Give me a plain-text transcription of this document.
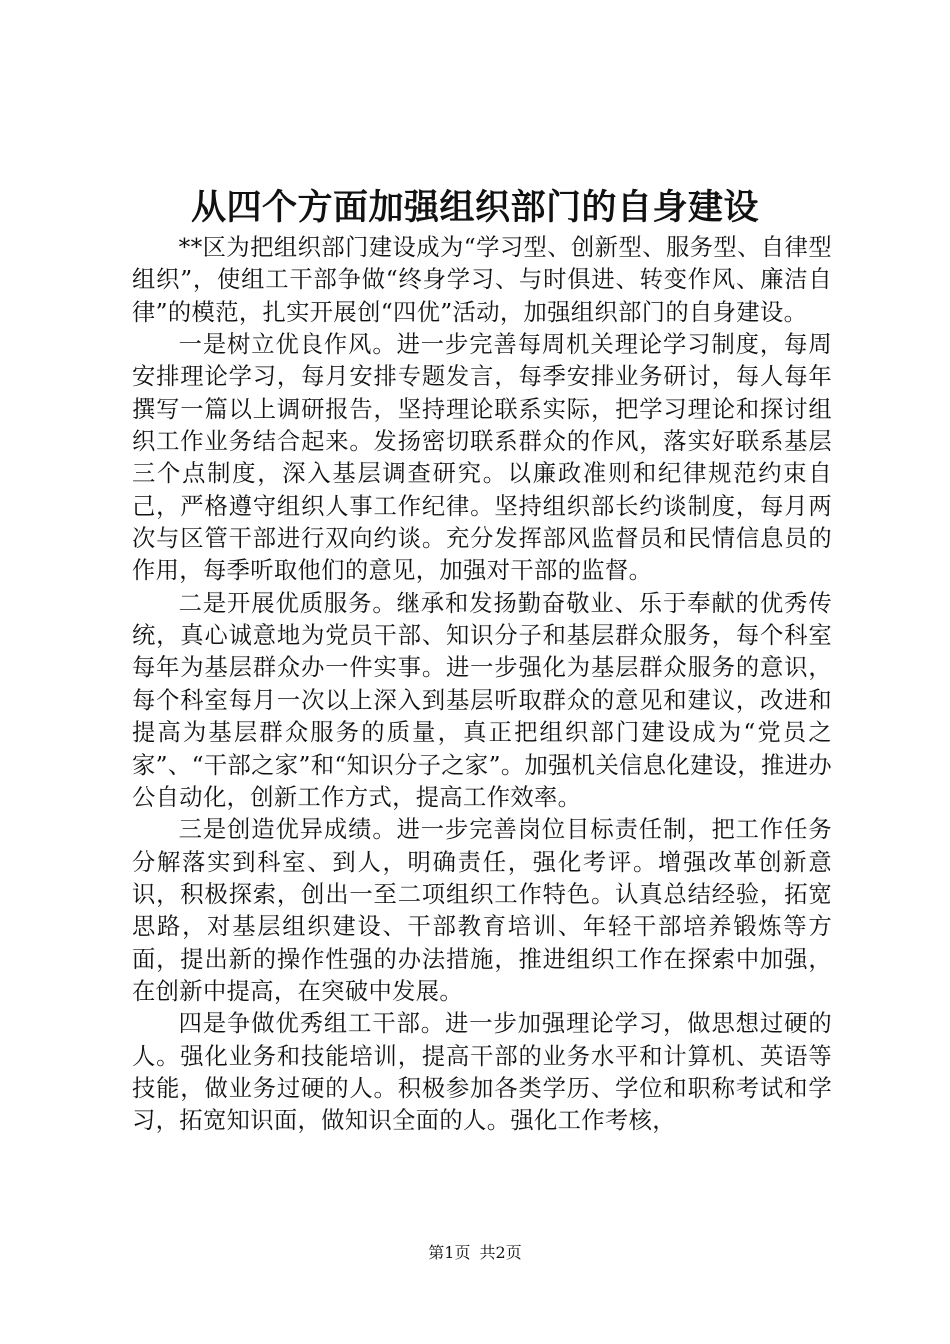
从四个方面加强组织部门的自身建设

**区为把组织部门建设成为“学习型、创新型、服务型、自律型组织”，使组工干部争做“终身学习、与时俱进、转变作风、廉洁自律”的模范，扎实开展创“四优”活动，加强组织部门的自身建设。

一是树立优良作风。进一步完善每周机关理论学习制度，每周安排理论学习，每月安排专题发言，每季安排业务研讨，每人每年撰写一篇以上调研报告，坚持理论联系实际，把学习理论和探讨组织工作业务结合起来。发扬密切联系群众的作风，落实好联系基层三个点制度，深入基层调查研究。以廉政准则和纪律规范约束自己，严格遵守组织人事工作纪律。坚持组织部长约谈制度，每月两次与区管干部进行双向约谈。充分发挥部风监督员和民情信息员的作用，每季听取他们的意见，加强对干部的监督。

二是开展优质服务。继承和发扬勤奋敬业、乐于奉献的优秀传统，真心诚意地为党员干部、知识分子和基层群众服务，每个科室每年为基层群众办一件实事。进一步强化为基层群众服务的意识，每个科室每月一次以上深入到基层听取群众的意见和建议，改进和提高为基层群众服务的质量，真正把组织部门建设成为“党员之家”、“干部之家”和“知识分子之家”。加强机关信息化建设，推进办公自动化，创新工作方式，提高工作效率。

三是创造优异成绩。进一步完善岗位目标责任制，把工作任务分解落实到科室、到人，明确责任，强化考评。增强改革创新意识，积极探索，创出一至二项组织工作特色。认真总结经验，拓宽思路，对基层组织建设、干部教育培训、年轻干部培养锻炼等方面，提出新的操作性强的办法措施，推进组织工作在探索中加强，在创新中提高，在突破中发展。

四是争做优秀组工干部。进一步加强理论学习，做思想过硬的人。强化业务和技能培训，提高干部的业务水平和计算机、英语等技能，做业务过硬的人。积极参加各类学历、学位和职称考试和学习，拓宽知识面，做知识全面的人。强化工作考核，

第1页 共2页
